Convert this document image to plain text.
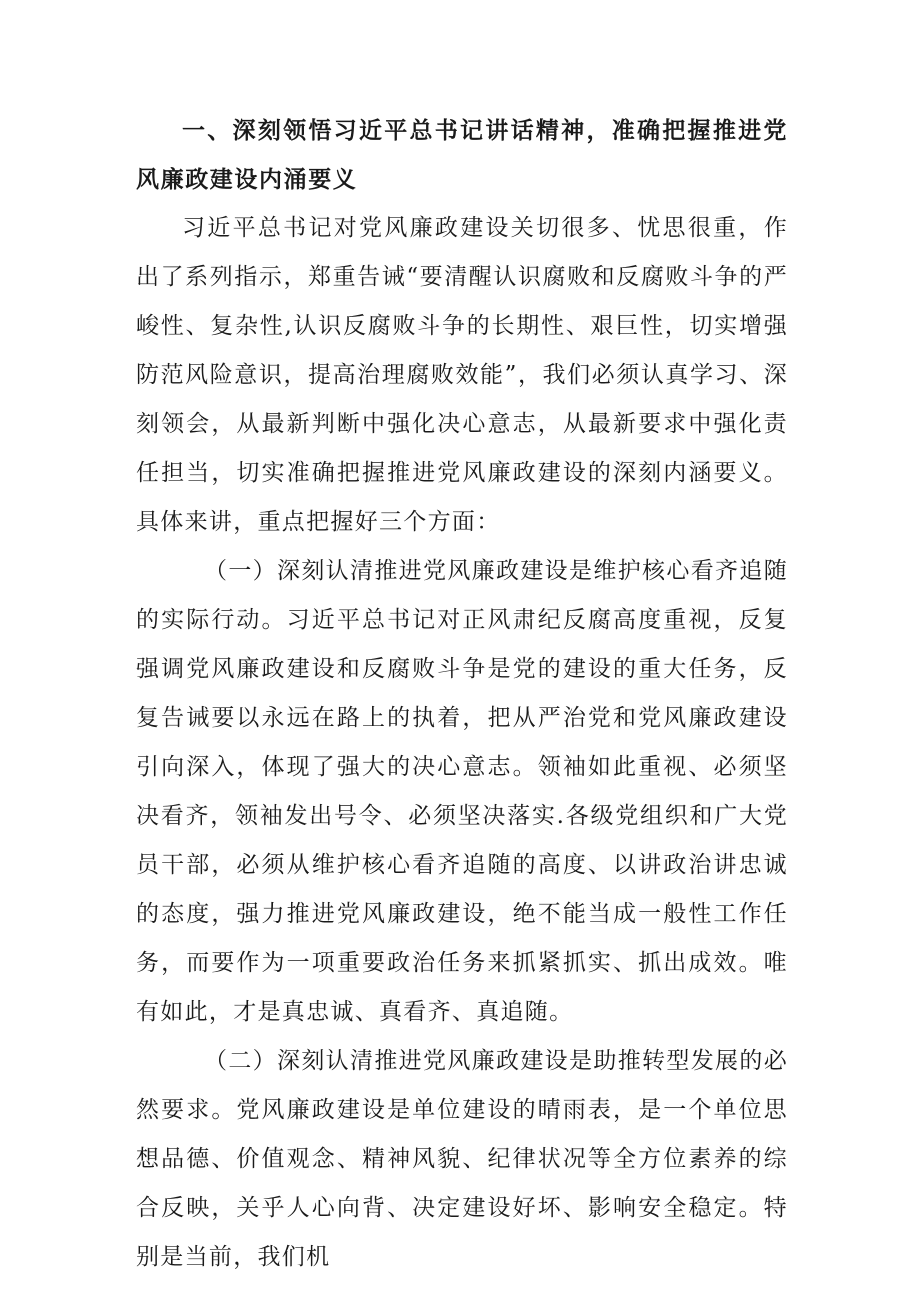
一、深刻领悟习近平总书记讲话精神，准确把握推进党风廉政建设内涌要义

习近平总书记对党风廉政建设关切很多、忧思很重，作出了系列指示，郑重告诫“要清醒认识腐败和反腐败斗争的严峻性、复杂性,认识反腐败斗争的长期性、艰巨性，切实增强防范风险意识，提高治理腐败效能”，我们必须认真学习、深刻领会，从最新判断中强化决心意志，从最新要求中强化责任担当，切实准确把握推进党风廉政建设的深刻内涵要义。具体来讲，重点把握好三个方面：

（一）深刻认清推进党风廉政建设是维护核心看齐追随的实际行动。习近平总书记对正风肃纪反腐高度重视，反复强调党风廉政建设和反腐败斗争是党的建设的重大任务，反复告诫要以永远在路上的执着，把从严治党和党风廉政建设引向深入，体现了强大的决心意志。领袖如此重视、必须坚决看齐，领袖发出号令、必须坚决落实.各级党组织和广大党员干部，必须从维护核心看齐追随的高度、以讲政治讲忠诚的态度，强力推进党风廉政建设，绝不能当成一般性工作任务，而要作为一项重要政治任务来抓紧抓实、抓出成效。唯有如此，才是真忠诚、真看齐、真追随。

（二）深刻认清推进党风廉政建设是助推转型发展的必然要求。党风廉政建设是单位建设的晴雨表，是一个单位思想品德、价值观念、精神风貌、纪律状况等全方位素养的综合反映，关乎人心向背、决定建设好坏、影响安全稳定。特别是当前，我们机
